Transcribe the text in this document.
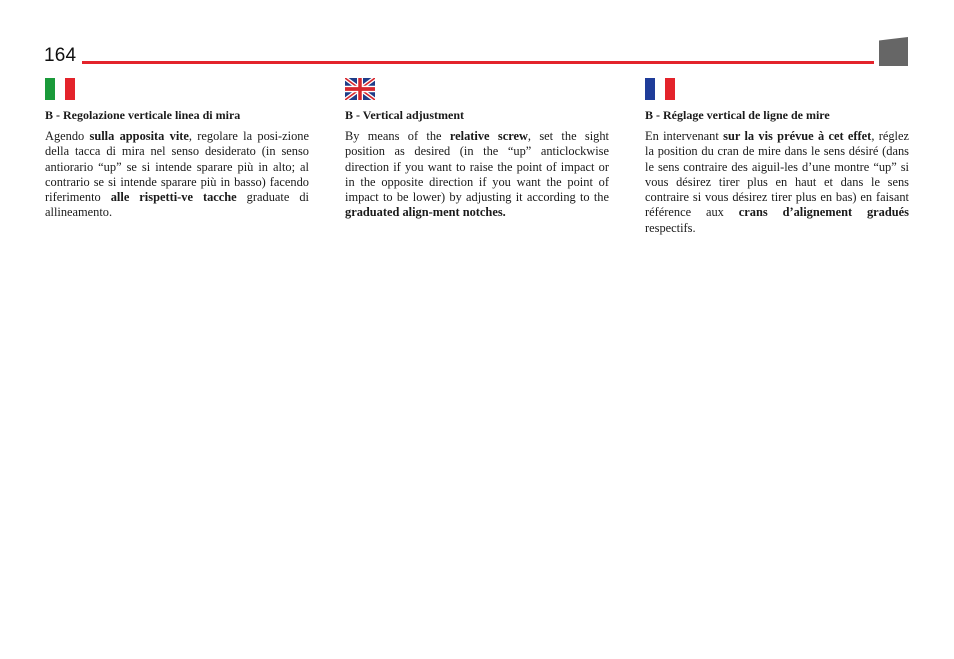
164
B - Regolazione verticale linea di mira

Agendo sulla apposita vite, regolare la posi-zione della tacca di mira nel senso desiderato (in senso antiorario “up” se si intende sparare più in alto; al contrario se si intende sparare più in basso) facendo riferimento alle rispetti-ve tacche graduate di allineamento.

B - Vertical adjustment

By means of the relative screw, set the sight position as desired (in the “up” anticlockwise direction if you want to raise the point of impact or in the opposite direction if you want the point of impact to be lower) by adjusting it according to the graduated align-ment notches.

B - Réglage vertical de ligne de mire

En intervenant sur la vis prévue à cet effet, réglez la position du cran de mire dans le sens désiré (dans le sens contraire des aiguil-les d’une montre “up” si vous désirez tirer plus en haut et dans le sens contraire si vous désirez tirer plus en bas) en faisant référence aux crans d’alignement gradués respectifs.
